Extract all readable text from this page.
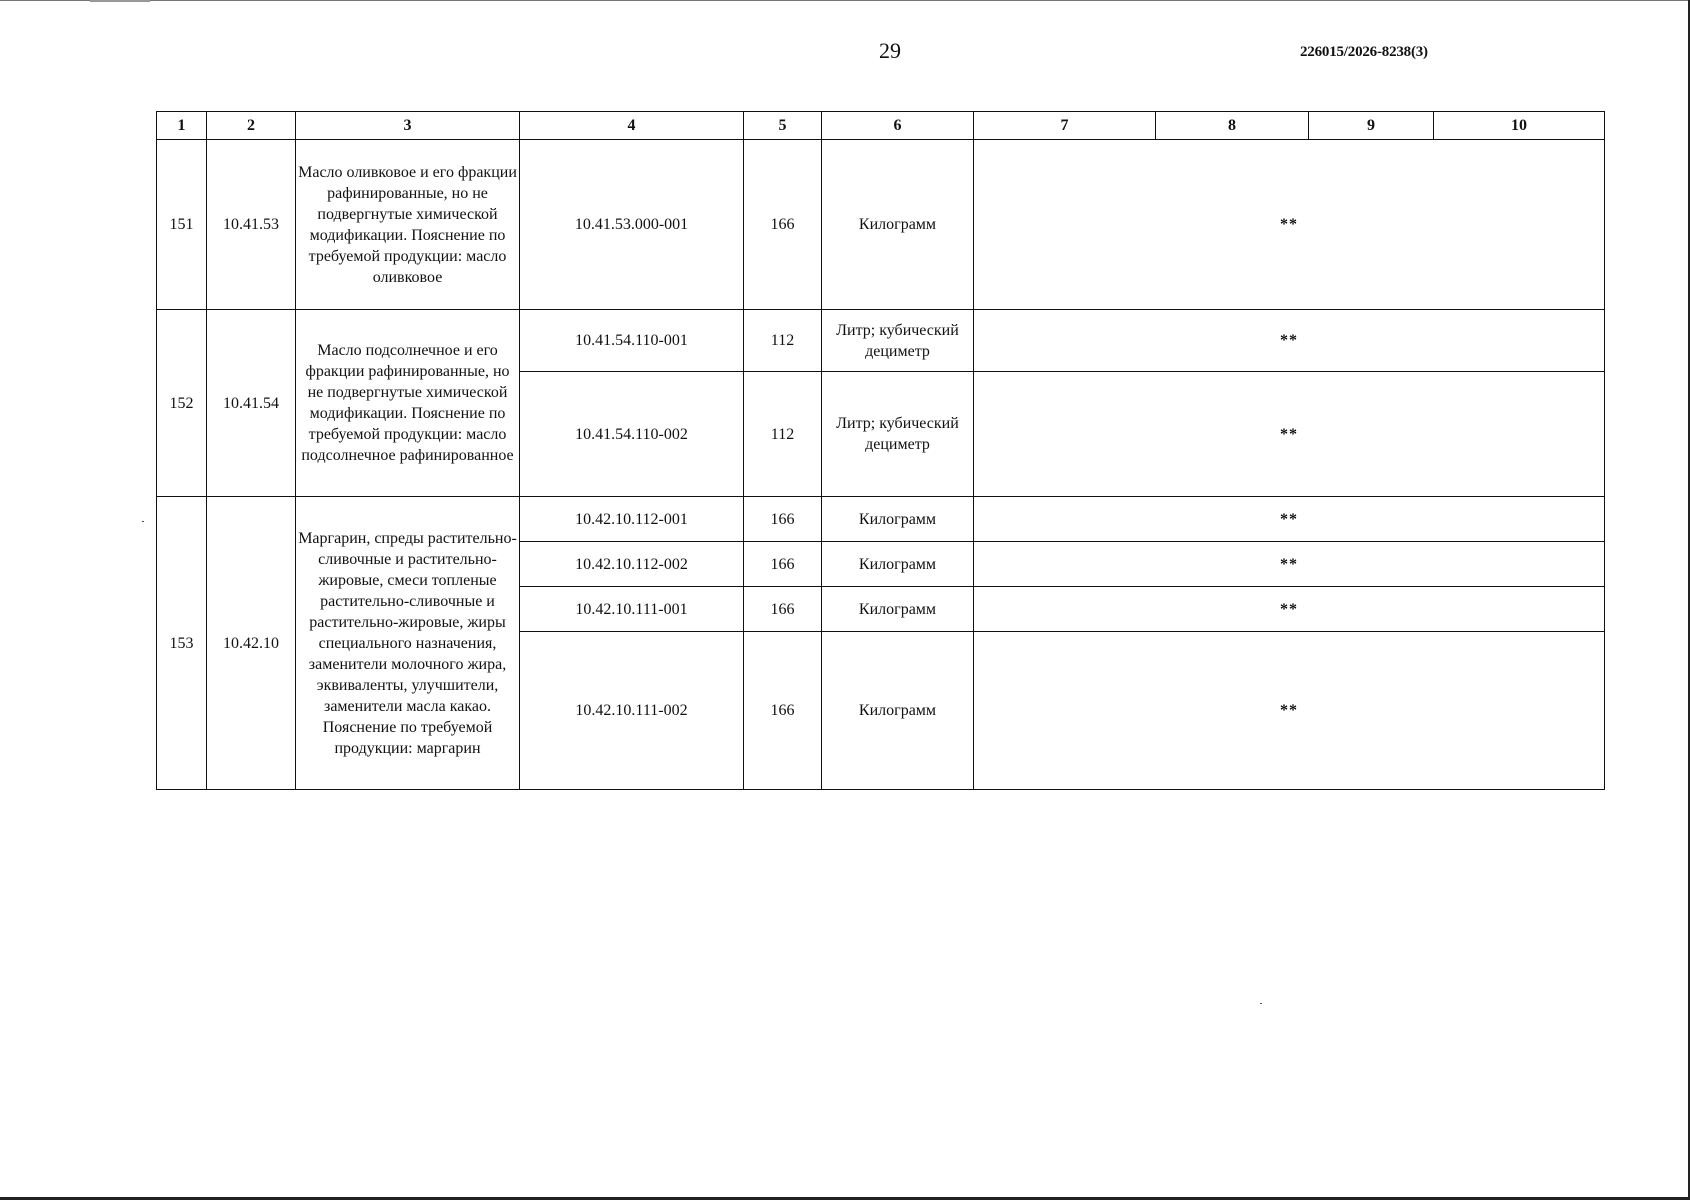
29	226015/2026-8238(3)
1	2	3	4	5	6	7	8	9	10
151	10.41.53	Масло оливковое и его фракции рафинированные, но не подвергнутые химической модификации. Пояснение по требуемой продукции: масло оливковое	10.41.53.000-001	166	Килограмм	**			
152	10.41.54	Масло подсолнечное и его фракции рафинированные, но не подвергнутые химической модификации. Пояснение по требуемой продукции: масло подсолнечное рафинированное	10.41.54.110-001	112	Литр; кубический дециметр	**			
			10.41.54.110-002	112	Литр; кубический дециметр	**			
153	10.42.10	Маргарин, спреды растительно-сливочные и растительно-жировые, смеси топленые растительно-сливочные и растительно-жировые, жиры специального назначения, заменители молочного жира, эквиваленты, улучшители, заменители масла какао. Пояснение по требуемой продукции: маргарин	10.42.10.112-001	166	Килограмм	**			
			10.42.10.112-002	166	Килограмм	**			
			10.42.10.111-001	166	Килограмм	**			
			10.42.10.111-002	166	Килограмм	**			
